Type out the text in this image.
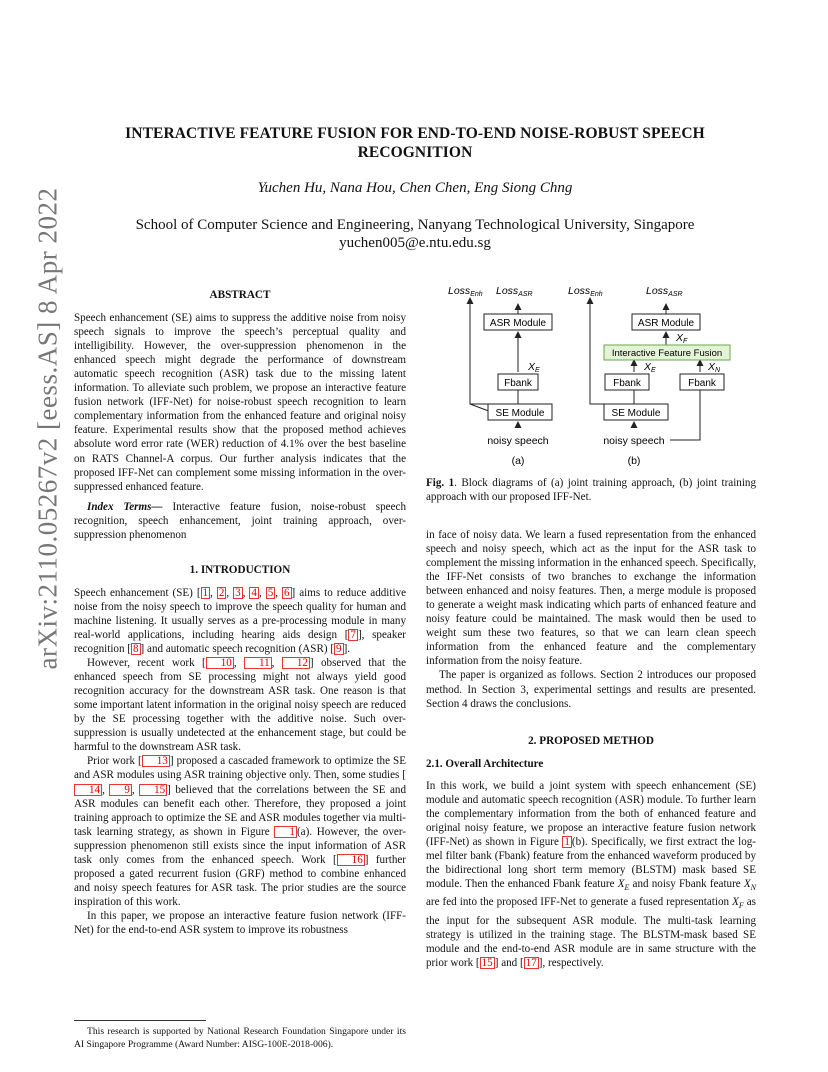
arXiv:2110.05267v2 [eess.AS] 8 Apr 2022
INTERACTIVE FEATURE FUSION FOR END-TO-END NOISE-ROBUST SPEECH RECOGNITION
Yuchen Hu, Nana Hou, Chen Chen, Eng Siong Chng
School of Computer Science and Engineering, Nanyang Technological University, Singapore
yuchen005@e.ntu.edu.sg
ABSTRACT

Speech enhancement (SE) aims to suppress the additive noise from noisy speech signals to improve the speech’s perceptual quality and intelligibility. However, the over-suppression phenomenon in the enhanced speech might degrade the performance of downstream automatic speech recognition (ASR) task due to the missing latent information. To alleviate such problem, we propose an interactive feature fusion network (IFF-Net) for noise-robust speech recognition to learn complementary information from the enhanced feature and original noisy feature. Experimental results show that the proposed method achieves absolute word error rate (WER) reduction of 4.1% over the best baseline on RATS Channel-A corpus. Our further analysis indicates that the proposed IFF-Net can complement some missing information in the over-suppressed enhanced feature.

Index Terms— Interactive feature fusion, noise-robust speech recognition, speech enhancement, joint training approach, over-suppression phenomenon

1. INTRODUCTION

Speech enhancement (SE) [ 1 , 2 , 3 , 4 , 5 , 6 ] aims to reduce additive noise from the noisy speech to improve the speech quality for human and machine listening. It usually serves as a pre-processing module in many real-world applications, including hearing aids design [ 7 ], speaker recognition [ 8 ] and automatic speech recognition (ASR) [ 9 ].

However, recent work [ 10 , 11 , 12 ] observed that the enhanced speech from SE processing might not always yield good recognition accuracy for the downstream ASR task. One reason is that some important latent information in the original noisy speech are reduced by the SE processing together with the additive noise. Such over-suppression is usually undetected at the enhancement stage, but could be harmful to the downstream ASR task.

Prior work [ 13 ] proposed a cascaded framework to optimize the SE and ASR modules using ASR training objective only. Then, some studies [14 , 9 , 15 ] believed that the correlations between the SE and ASR modules can benefit each other. Therefore, they proposed a joint training approach to optimize the SE and ASR modules together via multi-task learning strategy, as shown in Figure 1 (a). However, the over-suppression phenomenon still exists since the input information of ASR task only comes from the enhanced speech. Work [ 16 ] further proposed a gated recurrent fusion (GRF) method to combine enhanced and noisy speech features for ASR task. The prior studies are the source inspiration of this work.

In this paper, we propose an interactive feature fusion network (IFF-Net) for the end-to-end ASR system to improve its robustness

This research is supported by National Research Foundation Singapore under its AI Singapore Programme (Award Number: AISG-100E-2018-006).
LossEnh LossASR	LossEnh	LossASR
ASR Module
Fbank
SE Module
ASR Module
Fbank	Fbank
SE Module
Interactive Feature Fusion
XE	XE	XN
XF
noisy speech	noisy speech
(a)	(b)
Fig. 1. Block diagrams of (a) joint training approach, (b) joint training approach with our proposed IFF-Net.

in face of noisy data. We learn a fused representation from the enhanced speech and noisy speech, which act as the input for the ASR task to complement the missing information in the enhanced speech. Specifically, the IFF-Net consists of two branches to exchange the information between enhanced and noisy features. Then, a merge module is proposed to generate a weight mask indicating which parts of enhanced feature and noisy feature could be maintained. The mask would then be used to weight sum these two features, so that we can learn clean speech information from the enhanced feature and the complementary information from the noisy feature.

The paper is organized as follows. Section 2 introduces our proposed method. In Section 3, experimental settings and results are presented. Section 4 draws the conclusions.

2. PROPOSED METHOD
2.1. Overall Architecture

In this work, we build a joint system with speech enhancement (SE) module and automatic speech recognition (ASR) module. To further learn the complementary information from the both of enhanced feature and original noisy feature, we propose an interactive feature fusion network (IFF-Net) as shown in Figure 1 (b). Specifically, we first extract the log-mel filter bank (Fbank) feature from the enhanced waveform produced by the bidirectional long short term memory (BLSTM) mask based SE module. Then the enhanced Fbank feature $X_E$ and noisy Fbank feature $X_N$ are fed into the proposed IFF-Net to generate a fused representation $X_F$ as the input for the subsequent ASR module. The multi-task learning strategy is utilized in the training stage. The BLSTM-mask based SE module and the end-to-end ASR module are in same structure with the prior work [ 15 ] and [ 17 ], respectively.
